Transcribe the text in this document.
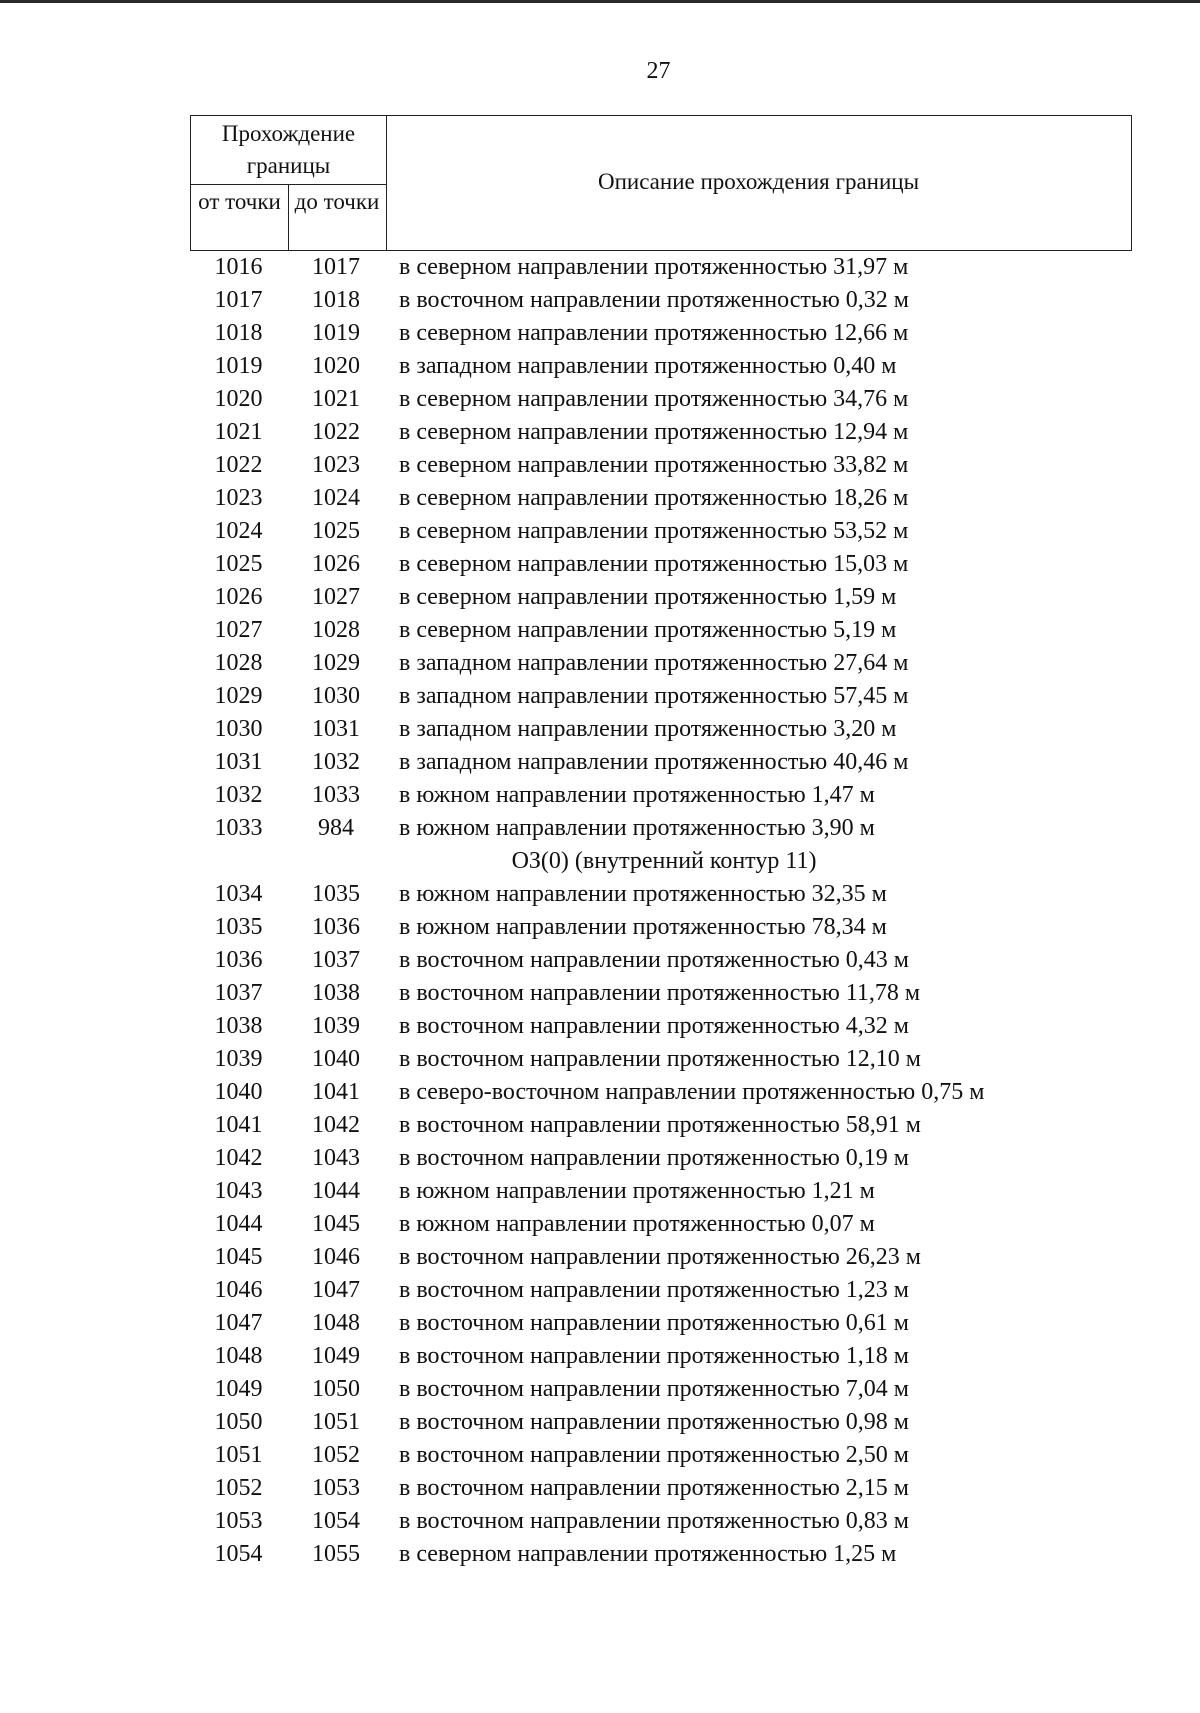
27
Прохождение границы
от точки до точки
Описание прохождения границы
1016	1017	в северном направлении протяженностью 31,97 м
1017	1018	в восточном направлении протяженностью 0,32 м
1018	1019	в северном направлении протяженностью 12,66 м
1019	1020	в западном направлении протяженностью 0,40 м
1020	1021	в северном направлении протяженностью 34,76 м
1021	1022	в северном направлении протяженностью 12,94 м
1022	1023	в северном направлении протяженностью 33,82 м
1023	1024	в северном направлении протяженностью 18,26 м
1024	1025	в северном направлении протяженностью 53,52 м
1025	1026	в северном направлении протяженностью 15,03 м
1026	1027	в северном направлении протяженностью 1,59 м
1027	1028	в северном направлении протяженностью 5,19 м
1028	1029	в западном направлении протяженностью 27,64 м
1029	1030	в западном направлении протяженностью 57,45 м
1030	1031	в западном направлении протяженностью 3,20 м
1031	1032	в западном направлении протяженностью 40,46 м
1032	1033	в южном направлении протяженностью 1,47 м
1033	984	в южном направлении протяженностью 3,90 м
ОЗ(0) (внутренний контур 11)
1034	1035	в южном направлении протяженностью 32,35 м
1035	1036	в южном направлении протяженностью 78,34 м
1036	1037	в восточном направлении протяженностью 0,43 м
1037	1038	в восточном направлении протяженностью 11,78 м
1038	1039	в восточном направлении протяженностью 4,32 м
1039	1040	в восточном направлении протяженностью 12,10 м
1040	1041	в северо-восточном направлении протяженностью 0,75 м
1041	1042	в восточном направлении протяженностью 58,91 м
1042	1043	в восточном направлении протяженностью 0,19 м
1043	1044	в южном направлении протяженностью 1,21 м
1044	1045	в южном направлении протяженностью 0,07 м
1045	1046	в восточном направлении протяженностью 26,23 м
1046	1047	в восточном направлении протяженностью 1,23 м
1047	1048	в восточном направлении протяженностью 0,61 м
1048	1049	в восточном направлении протяженностью 1,18 м
1049	1050	в восточном направлении протяженностью 7,04 м
1050	1051	в восточном направлении протяженностью 0,98 м
1051	1052	в восточном направлении протяженностью 2,50 м
1052	1053	в восточном направлении протяженностью 2,15 м
1053	1054	в восточном направлении протяженностью 0,83 м
1054	1055	в северном направлении протяженностью 1,25 м
